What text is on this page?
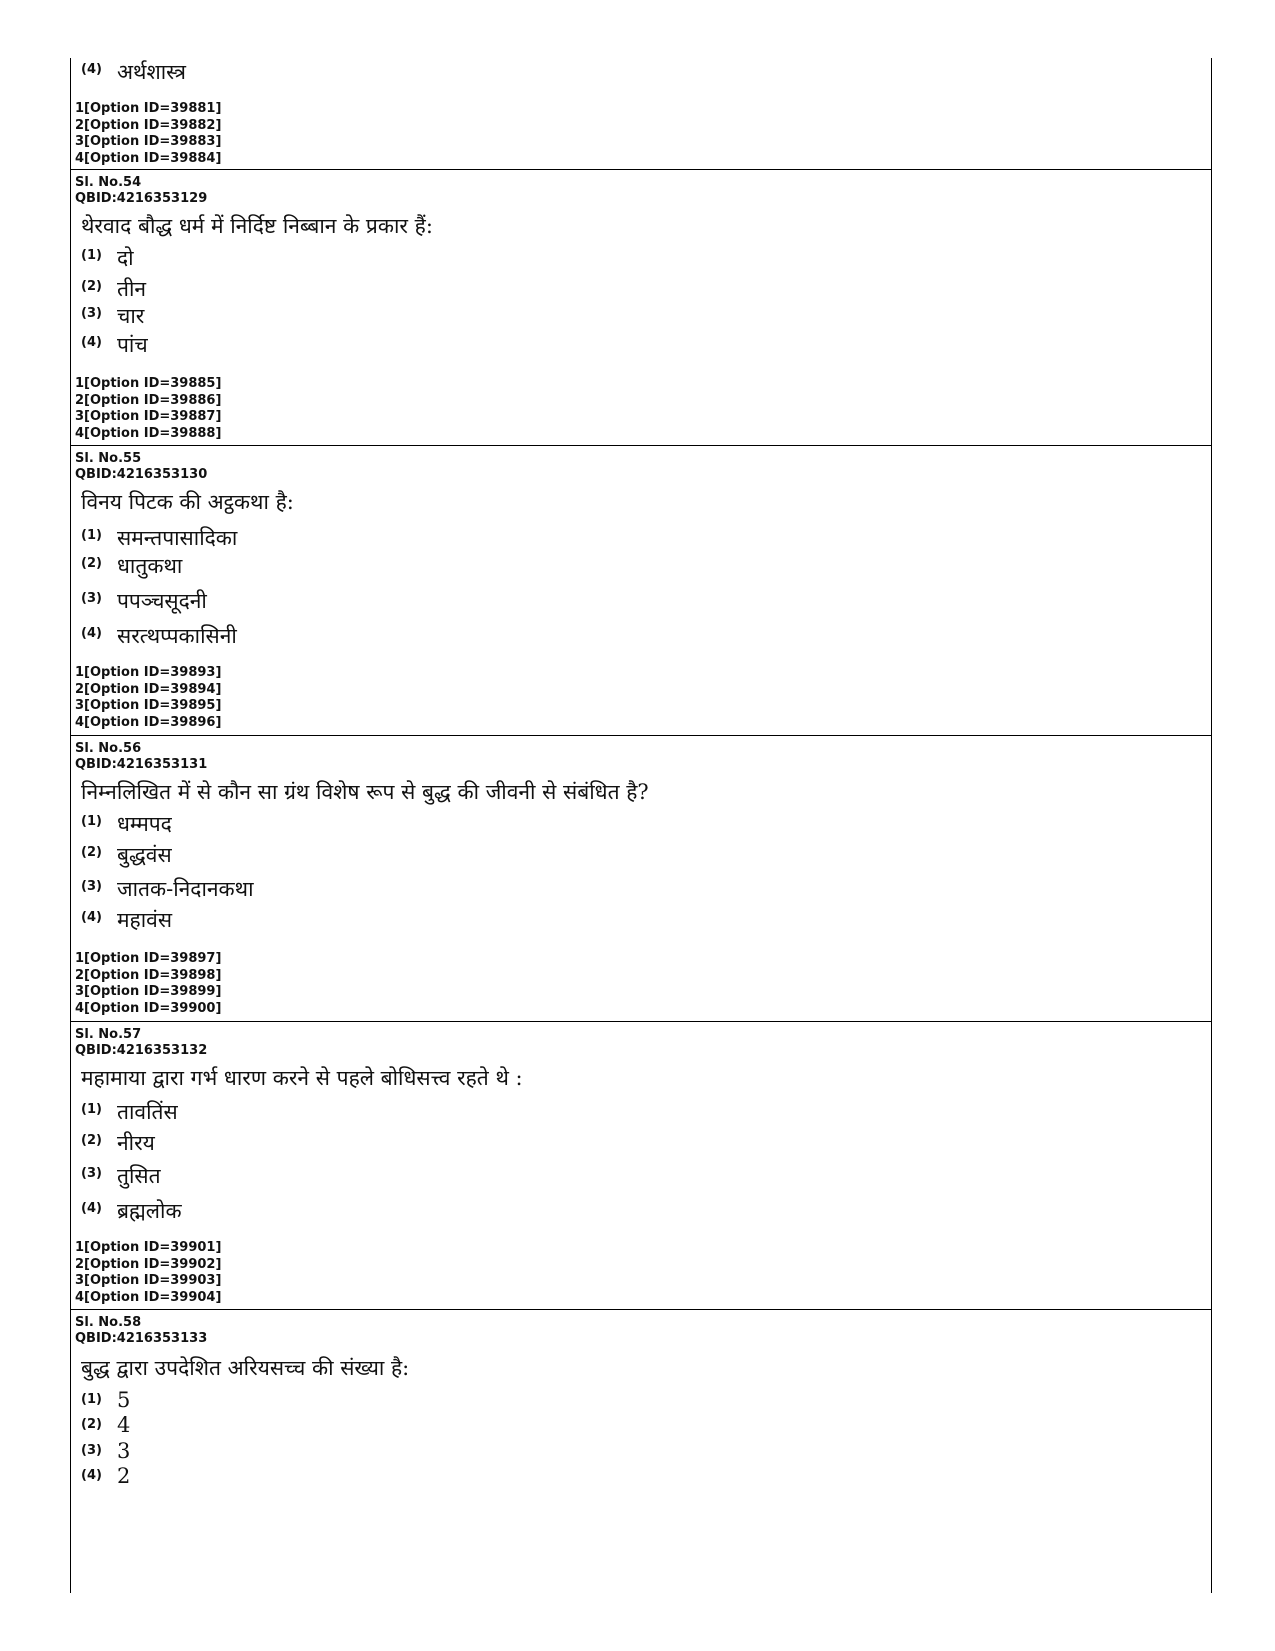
(4) अर्थशास्त्र
1[Option ID=39881]
2[Option ID=39882]
3[Option ID=39883]
4[Option ID=39884]
Sl. No.54
QBID:4216353129
थेरवाद बौद्ध धर्म में निर्दिष्ट निब्बान के प्रकार हैं:
(1) दो
(2) तीन
(3) चार
(4) पांच
1[Option ID=39885]
2[Option ID=39886]
3[Option ID=39887]
4[Option ID=39888]
Sl. No.55
QBID:4216353130
विनय पिटक की अट्ठकथा है:
(1) समन्तपासादिका
(2) धातुकथा
(3) पपञ्चसूदनी
(4) सरत्थप्पकासिनी
1[Option ID=39893]
2[Option ID=39894]
3[Option ID=39895]
4[Option ID=39896]
Sl. No.56
QBID:4216353131
निम्नलिखित में से कौन सा ग्रंथ विशेष रूप से बुद्ध की जीवनी से संबंधित है?
(1) धम्मपद
(2) बुद्धवंस
(3) जातक-निदानकथा
(4) महावंस
1[Option ID=39897]
2[Option ID=39898]
3[Option ID=39899]
4[Option ID=39900]
Sl. No.57
QBID:4216353132
महामाया द्वारा गर्भ धारण करने से पहले बोधिसत्त्व रहते थे :
(1) तावतिंस
(2) नीरय
(3) तुसित
(4) ब्रह्मलोक
1[Option ID=39901]
2[Option ID=39902]
3[Option ID=39903]
4[Option ID=39904]
Sl. No.58
QBID:4216353133
बुद्ध द्वारा उपदेशित अरियसच्च की संख्या है:
(1) 5
(2) 4
(3) 3
(4) 2
